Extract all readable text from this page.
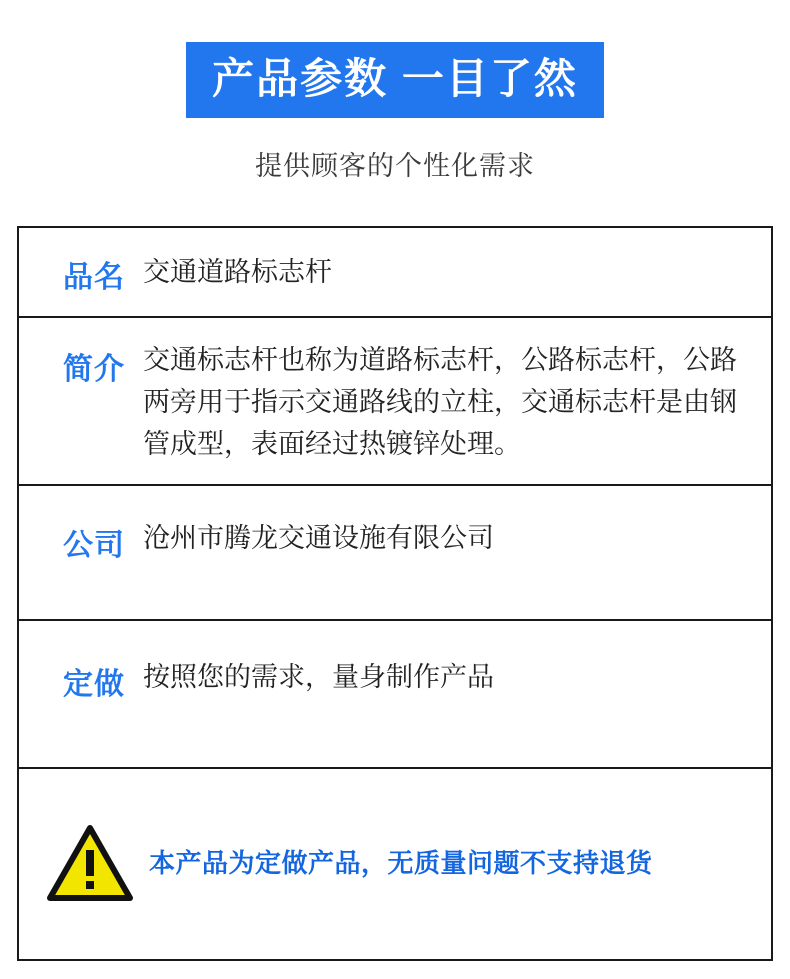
产品参数 一目了然
提供顾客的个性化需求
品名 交通道路标志杆
简介 交通标志杆也称为道路标志杆，公路标志杆，公路两旁用于指示交通路线的立柱，交通标志杆是由钢管成型，表面经过热镀锌处理。
公司 沧州市腾龙交通设施有限公司
定做 按照您的需求，量身制作产品
本产品为定做产品，无质量问题不支持退货
